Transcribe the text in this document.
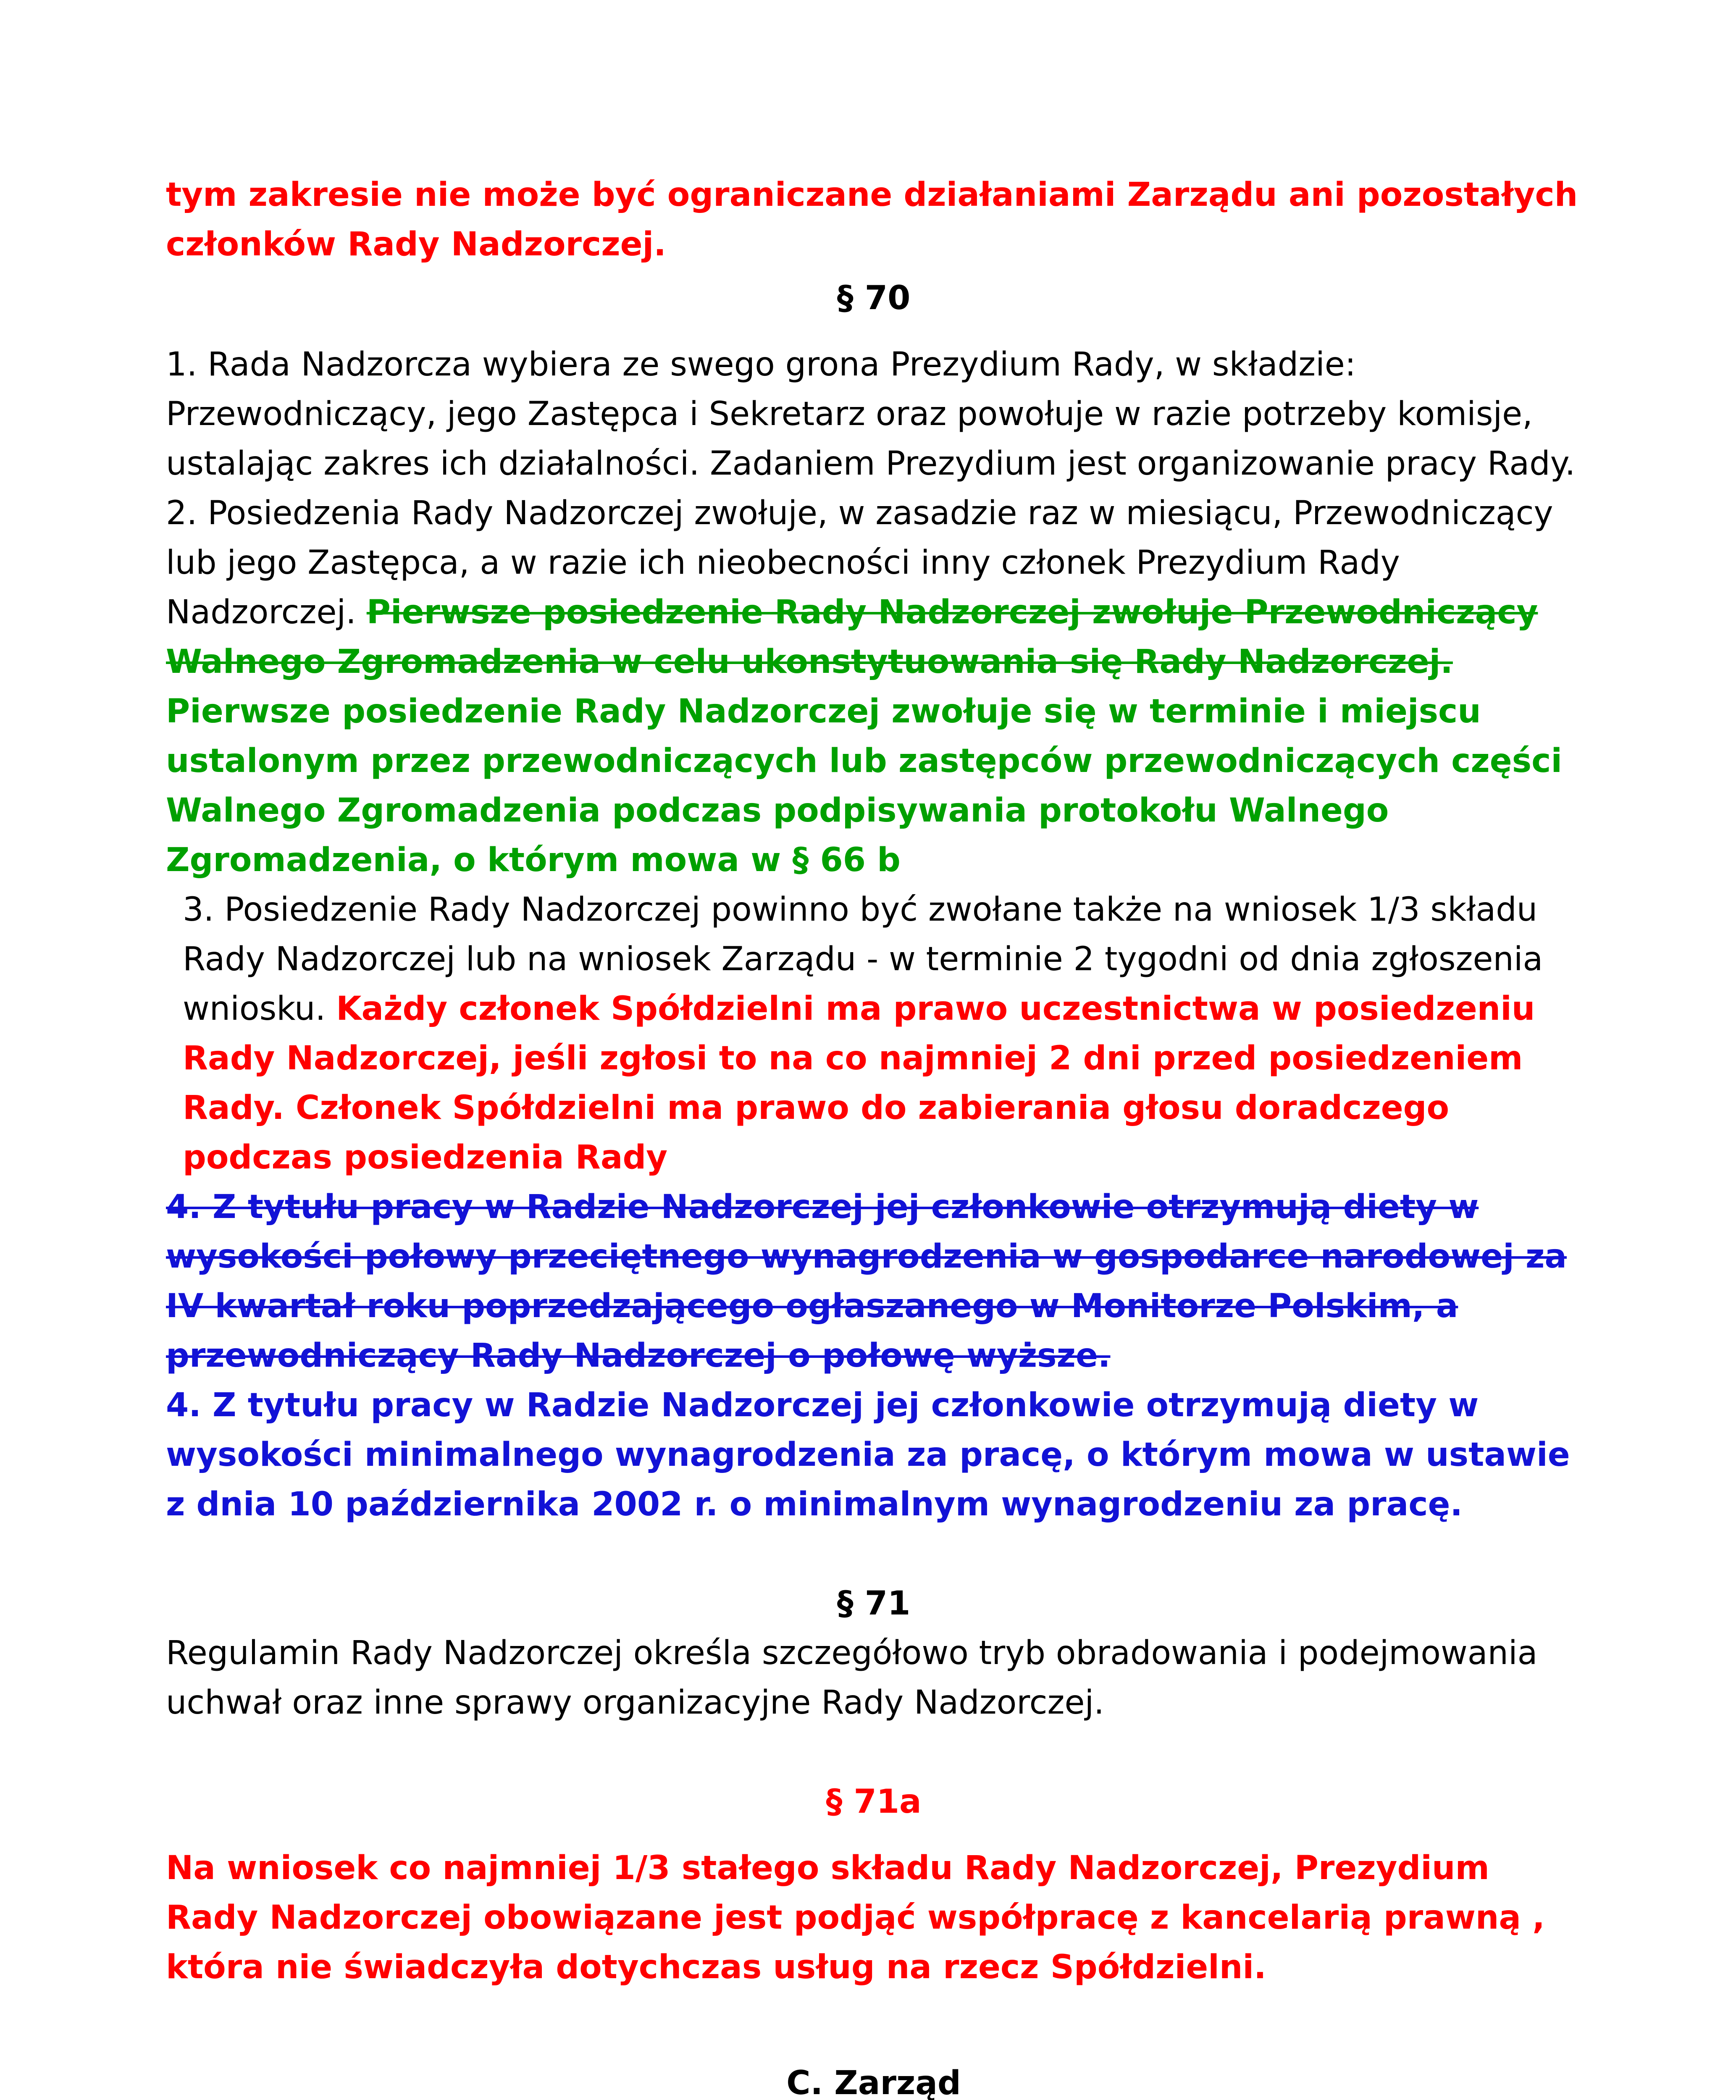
tym zakresie nie może być ograniczane działaniami Zarządu ani pozostałych członków Rady Nadzorczej.

§ 70

1. Rada Nadzorcza wybiera ze swego grona Prezydium Rady, w składzie: Przewodniczący, jego Zastępca i Sekretarz oraz powołuje w razie potrzeby komisje, ustalając zakres ich działalności. Zadaniem Prezydium jest organizowanie pracy Rady.

2. Posiedzenia Rady Nadzorczej zwołuje, w zasadzie raz w miesiącu, Przewodniczący lub jego Zastępca, a w razie ich nieobecności inny członek Prezydium Rady Nadzorczej. Pierwsze posiedzenie Rady Nadzorczej zwołuje Przewodniczący Walnego Zgromadzenia w celu ukonstytuowania się Rady Nadzorczej. Pierwsze posiedzenie Rady Nadzorczej zwołuje się w terminie i miejscu ustalonym przez przewodniczących lub zastępców przewodniczących części Walnego Zgromadzenia podczas podpisywania protokołu Walnego Zgromadzenia, o którym mowa w § 66 b

3. Posiedzenie Rady Nadzorczej powinno być zwołane także na wniosek 1/3 składu Rady Nadzorczej lub na wniosek Zarządu - w terminie 2 tygodni od dnia zgłoszenia wniosku. Każdy członek Spółdzielni ma prawo uczestnictwa w posiedzeniu Rady Nadzorczej, jeśli zgłosi to na co najmniej 2 dni przed posiedzeniem Rady. Członek Spółdzielni ma prawo do zabierania głosu doradczego podczas posiedzenia Rady

4. Z tytułu pracy w Radzie Nadzorczej jej członkowie otrzymują diety w wysokości połowy przeciętnego wynagrodzenia w gospodarce narodowej za IV kwartał roku poprzedzającego ogłaszanego w Monitorze Polskim, a przewodniczący Rady Nadzorczej o połowę wyższe.

4. Z tytułu pracy w Radzie Nadzorczej jej członkowie otrzymują diety w wysokości minimalnego wynagrodzenia za pracę, o którym mowa w ustawie z dnia 10 października 2002 r. o minimalnym wynagrodzeniu za pracę.

§ 71

Regulamin Rady Nadzorczej określa szczegółowo tryb obradowania i podejmowania uchwał oraz inne sprawy organizacyjne Rady Nadzorczej.

§ 71a

Na wniosek co najmniej 1/3 stałego składu Rady Nadzorczej, Prezydium Rady Nadzorczej obowiązane jest podjąć współpracę z kancelarią prawną , która nie świadczyła dotychczas usług na rzecz Spółdzielni.

C. Zarząd
